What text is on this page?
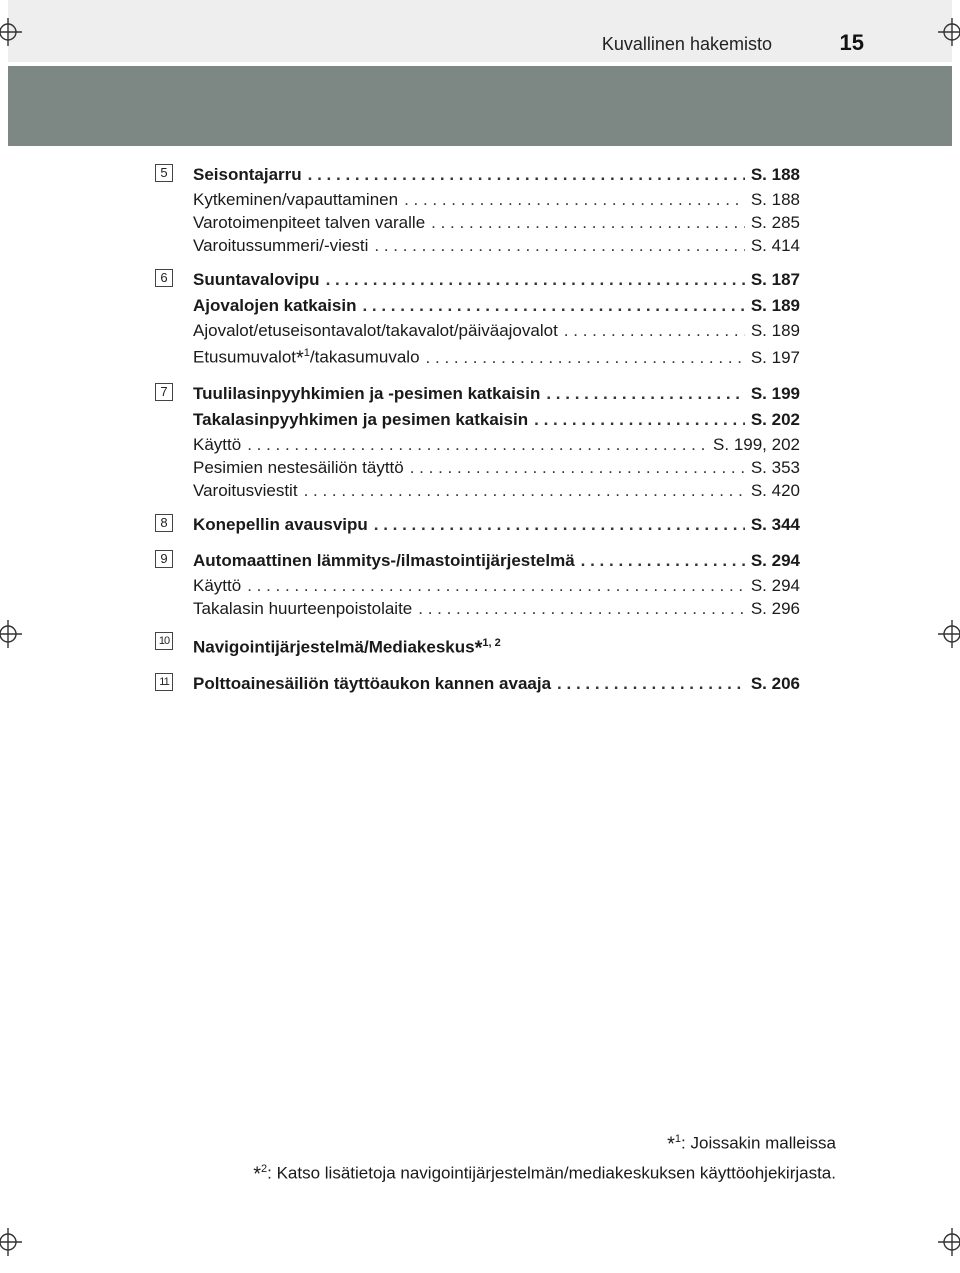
Kuvallinen hakemisto	15
5	Seisontajarru . . .	S. 188
Kytkeminen/vapauttaminen . . .	S. 188
Varotoimenpiteet talven varalle . . .	S. 285
Varoitussummeri/-viesti . . .	S. 414
6	Suuntavalovipu . . .	S. 187
Ajovalojen katkaisin . . .	S. 189
Ajovalot/etuseisontavalot/takavalot/päiväajovalot . . .	S. 189
Etusumuvalot*$^1$/takasumuvalo . . .	S. 197
7	Tuulilasinpyyhkimien ja -pesimen katkaisin . . .	S. 199
Takalasinpyyhkimen ja pesimen katkaisin . . .	S. 202
Käyttö . . .	S. 199, 202
Pesimien nestesäiliön täyttö . . .	S. 353
Varoitusviestit . . .	S. 420
8	Konepellin avausvipu . . .	S. 344
9	Automaattinen lämmitys-/ilmastointijärjestelmä . . .	S. 294
Käyttö . . .	S. 294
Takalasin huurteenpoistolaite . . .	S. 296
10 Navigointijärjestelmä/Mediakeskus*$^{1, 2}$
11 Polttoainesäiliön täyttöaukon kannen avaaja . . .	S. 206
*$^1$: Joissakin malleissa
*$^2$: Katso lisätietoja navigointijärjestelmän/mediakeskuksen käyttöohjekirjasta.
